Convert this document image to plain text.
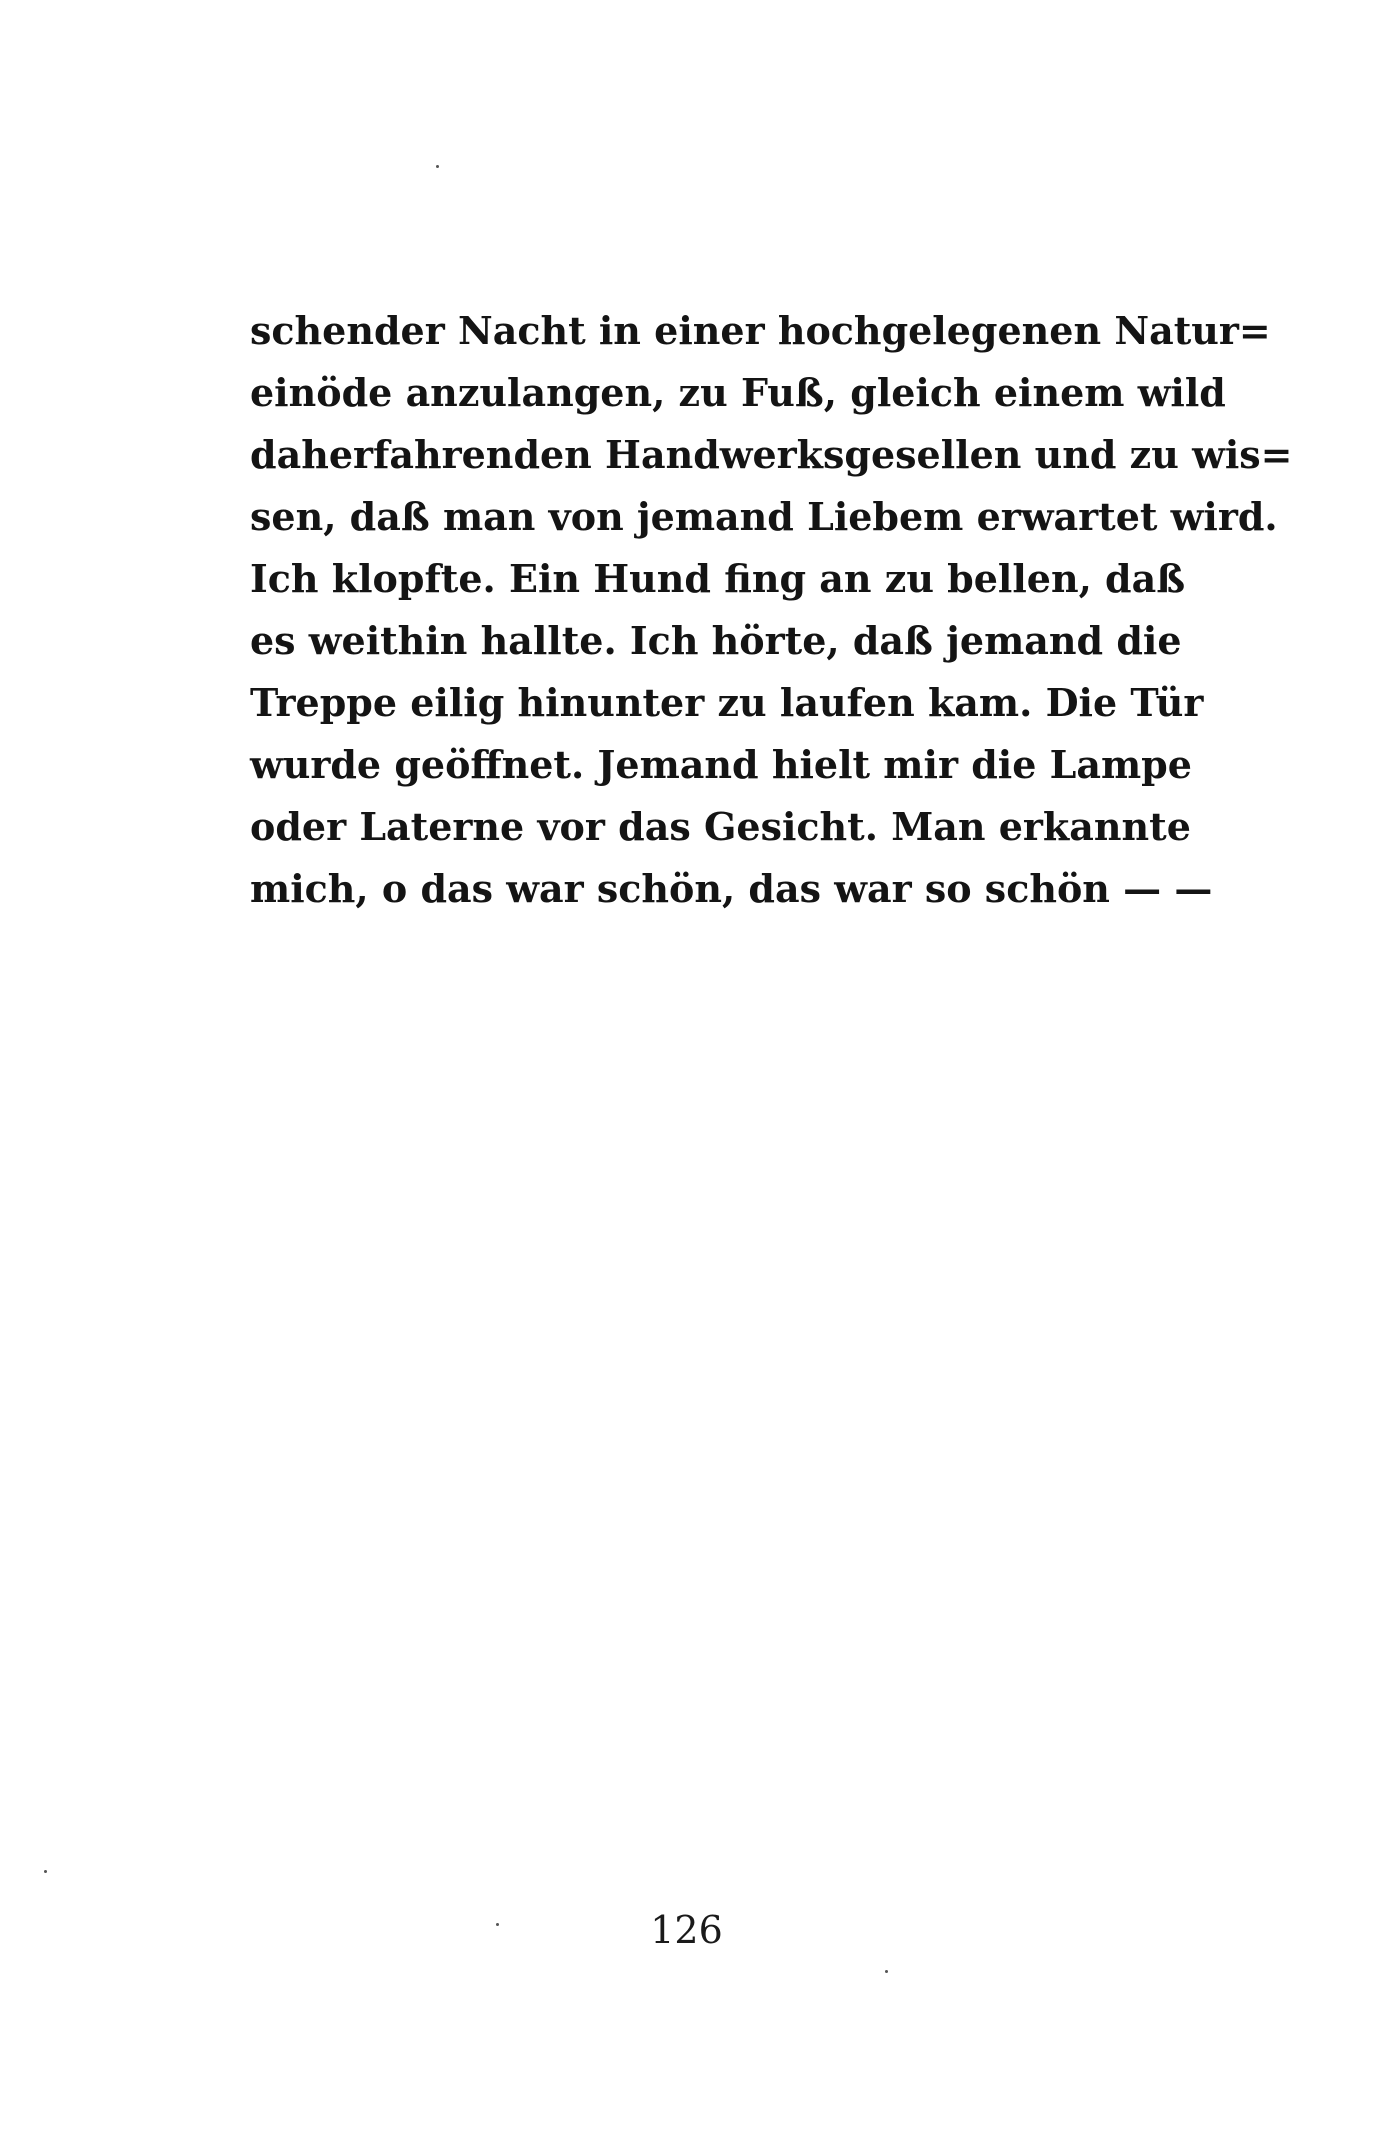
schender Nacht in einer hochgelegenen Natur=
einöde anzulangen, zu Fuß, gleich einem wild
daherfahrenden Handwerksgesellen und zu wis=
sen, daß man von jemand Liebem erwartet wird.
Ich klopfte. Ein Hund fing an zu bellen, daß
es weithin hallte. Ich hörte, daß jemand die
Treppe eilig hinunter zu laufen kam. Die Tür
wurde geöffnet. Jemand hielt mir die Lampe
oder Laterne vor das Gesicht. Man erkannte
mich, o das war schön, das war so schön — —
126
